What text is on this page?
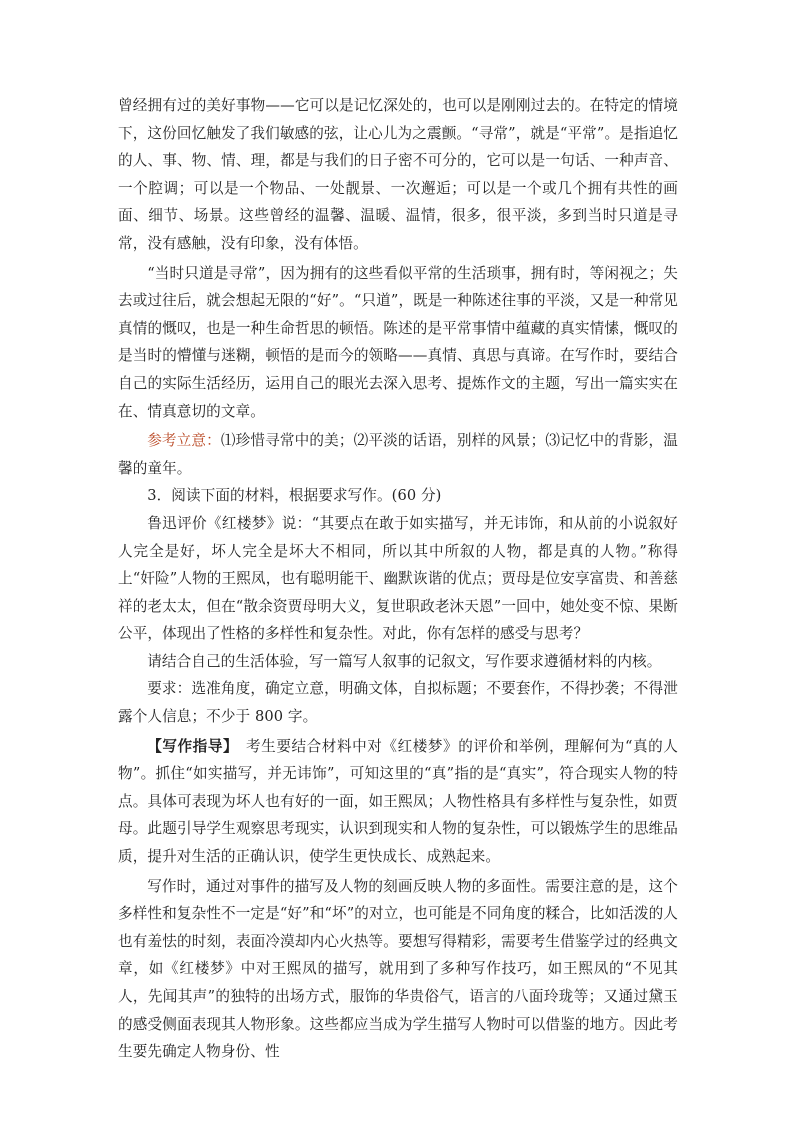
曾经拥有过的美好事物——它可以是记忆深处的，也可以是刚刚过去的。在特定的情境下，这份回忆触发了我们敏感的弦，让心儿为之震颤。“寻常”，就是“平常”。是指追忆的人、事、物、情、理，都是与我们的日子密不可分的，它可以是一句话、一种声音、一个腔调；可以是一个物品、一处靓景、一次邂逅；可以是一个或几个拥有共性的画面、细节、场景。这些曾经的温馨、温暖、温情，很多，很平淡，多到当时只道是寻常，没有感触，没有印象，没有体悟。

“当时只道是寻常”，因为拥有的这些看似平常的生活琐事，拥有时，等闲视之；失去或过往后，就会想起无限的“好”。“只道”，既是一种陈述往事的平淡，又是一种常见真情的慨叹，也是一种生命哲思的顿悟。陈述的是平常事情中蕴藏的真实情愫，慨叹的是当时的懵懂与迷糊，顿悟的是而今的领略——真情、真思与真谛。在写作时，要结合自己的实际生活经历，运用自己的眼光去深入思考、提炼作文的主题，写出一篇实实在在、情真意切的文章。

参考立意：⑴珍惜寻常中的美；⑵平淡的话语，别样的风景；⑶记忆中的背影，温馨的童年。

3．阅读下面的材料，根据要求写作。(60 分)

鲁迅评价《红楼梦》说：“其要点在敢于如实描写，并无讳饰，和从前的小说叙好人完全是好，坏人完全是坏大不相同，所以其中所叙的人物，都是真的人物。”称得上“奸险”人物的王熙凤，也有聪明能干、幽默诙谐的优点；贾母是位安享富贵、和善慈祥的老太太，但在“散余资贾母明大义，复世职政老沐天恩”一回中，她处变不惊、果断公平，体现出了性格的多样性和复杂性。对此，你有怎样的感受与思考？

请结合自己的生活体验，写一篇写人叙事的记叙文，写作要求遵循材料的内核。

要求：选准角度，确定立意，明确文体，自拟标题；不要套作，不得抄袭；不得泄露个人信息；不少于 800 字。

【写作指导】　考生要结合材料中对《红楼梦》的评价和举例，理解何为“真的人物”。抓住“如实描写，并无讳饰”，可知这里的“真”指的是“真实”，符合现实人物的特点。具体可表现为坏人也有好的一面，如王熙凤；人物性格具有多样性与复杂性，如贾母。此题引导学生观察思考现实，认识到现实和人物的复杂性，可以锻炼学生的思维品质，提升对生活的正确认识，使学生更快成长、成熟起来。

写作时，通过对事件的描写及人物的刻画反映人物的多面性。需要注意的是，这个多样性和复杂性不一定是“好”和“坏”的对立，也可能是不同角度的糅合，比如活泼的人也有羞怯的时刻，表面冷漠却内心火热等。要想写得精彩，需要考生借鉴学过的经典文章，如《红楼梦》中对王熙凤的描写，就用到了多种写作技巧，如王熙凤的“不见其人，先闻其声”的独特的出场方式，服饰的华贵俗气，语言的八面玲珑等；又通过黛玉的感受侧面表现其人物形象。这些都应当成为学生描写人物时可以借鉴的地方。因此考生要先确定人物身份、性
